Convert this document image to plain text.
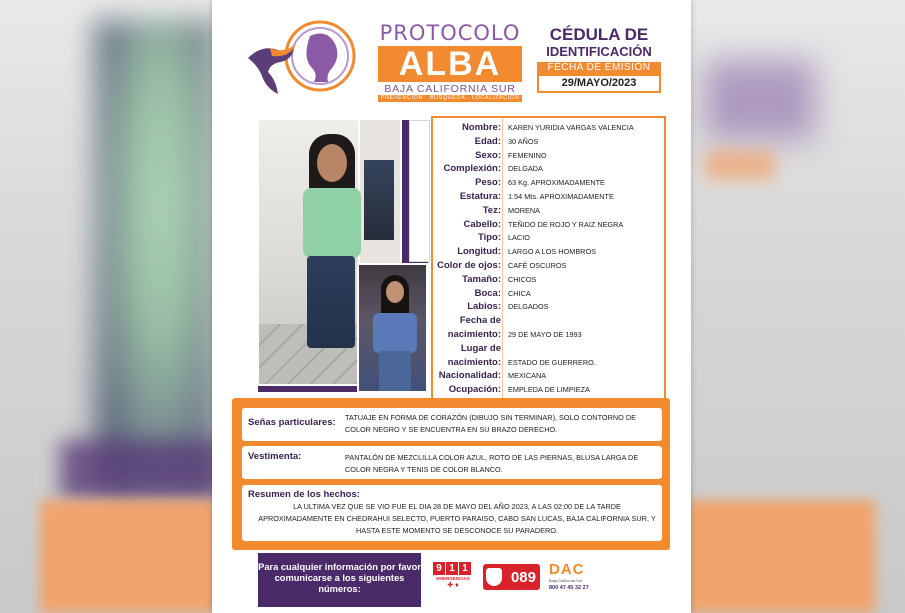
PROTOCOLO
ALBA
BAJA CALIFORNIA SUR
PREVENCIÓN · BÚSQUEDA · LOCALIZACIÓN
CÉDULA DE
IDENTIFICACIÓN
FECHA DE EMISIÓN
29/MAYO/2023
Nombre: KAREN YURIDIA VARGAS VALENCIA
Edad: 30 AÑOS
Sexo: FEMENINO
Complexión: DELGADA
Peso: 63 Kg. APROXIMADAMENTE
Estatura: 1.54 Mts. APROXIMADAMENTE
Tez: MORENA
Cabello: TEÑIDO DE ROJO Y RAIZ NEGRA
Tipo: LACIO
Longitud: LARGO A LOS HOMBROS
Color de ojos: CAFÉ OSCUROS
Tamaño: CHICOS
Boca: CHICA
Labios: DELGADOS
Fecha de
nacimiento: 29 DE MAYO DE 1993
Lugar de
nacimiento: ESTADO DE GUERRERO.
Nacionalidad: MEXICANA
Ocupación: EMPLEDA DE LIMPIEZA
Señas particulares: TATUAJE EN FORMA DE CORAZÓN (DIBUJO SIN TERMINAR), SOLO CONTORNO DE COLOR NEGRO Y SE ENCUENTRA EN SU BRAZO DERECHO.
Vestimenta:	PANTALÓN DE MEZCLILLA COLOR AZUL, ROTO DE LAS PIERNAS, BLUSA LARGA DE COLOR NEGRA Y TENIS DE COLOR BLANCO.
Resumen de los hechos:
LA ULTIMA VEZ QUE SE VIO FUE EL DIA 28 DE MAYO DEL AÑO 2023, A LAS 02:00 DE LA TARDE APROXIMADAMENTE EN CHEDRAHUI SELECTO, PUERTO PARAISO, CABO SAN LUCAS, BAJA CALIFORNIA SUR, Y HASTA ESTE MOMENTO SE DESCONOCE SU PARADERO.
Para cualquier información por favor comunicarse a los siguientes números:
9 1 1
EMERGENCIAS
✚ ♦	089 DAC
Baja California Sur
800 47 45 32 27
